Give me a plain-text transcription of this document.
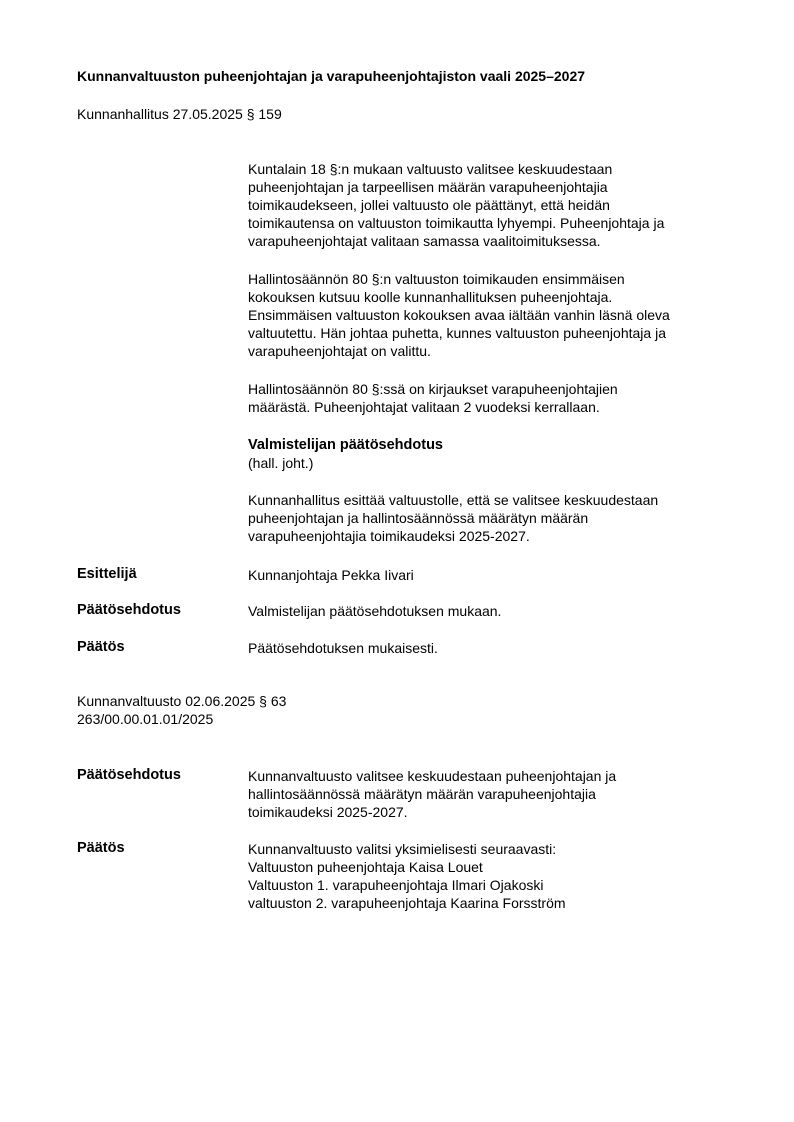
Kunnanvaltuuston puheenjohtajan ja varapuheenjohtajiston vaali 2025–2027
Kunnanhallitus 27.05.2025 § 159
Kuntalain 18 §:n mukaan valtuusto valitsee keskuudestaan
puheenjohtajan ja tarpeellisen määrän varapuheenjohtajia
toimikaudekseen, jollei valtuusto ole päättänyt, että heidän
toimikautensa on valtuuston toimikautta lyhyempi. Puheenjohtaja ja
varapuheenjohtajat valitaan samassa vaalitoimituksessa.
Hallintosäännön 80 §:n valtuuston toimikauden ensimmäisen
kokouksen kutsuu koolle kunnanhallituksen puheenjohtaja.
Ensimmäisen valtuuston kokouksen avaa iältään vanhin läsnä oleva
valtuutettu. Hän johtaa puhetta, kunnes valtuuston puheenjohtaja ja
varapuheenjohtajat on valittu.
Hallintosäännön 80 §:ssä on kirjaukset varapuheenjohtajien
määrästä. Puheenjohtajat valitaan 2 vuodeksi kerrallaan.
Valmistelijan päätösehdotus
(hall. joht.)
Kunnanhallitus esittää valtuustolle, että se valitsee keskuudestaan
puheenjohtajan ja hallintosäännössä määrätyn määrän
varapuheenjohtajia toimikaudeksi 2025-2027.
Esittelijä	Kunnanjohtaja Pekka Iivari
Päätösehdotus	Valmistelijan päätösehdotuksen mukaan.
Päätös	Päätösehdotuksen mukaisesti.
Kunnanvaltuusto 02.06.2025 § 63
263/00.00.01.01/2025
Päätösehdotus	Kunnanvaltuusto valitsee keskuudestaan puheenjohtajan ja
hallintosäännössä määrätyn määrän varapuheenjohtajia
toimikaudeksi 2025-2027.
Päätös	Kunnanvaltuusto valitsi yksimielisesti seuraavasti:
Valtuuston puheenjohtaja Kaisa Louet
Valtuuston 1. varapuheenjohtaja Ilmari Ojakoski
valtuuston 2. varapuheenjohtaja Kaarina Forsström
